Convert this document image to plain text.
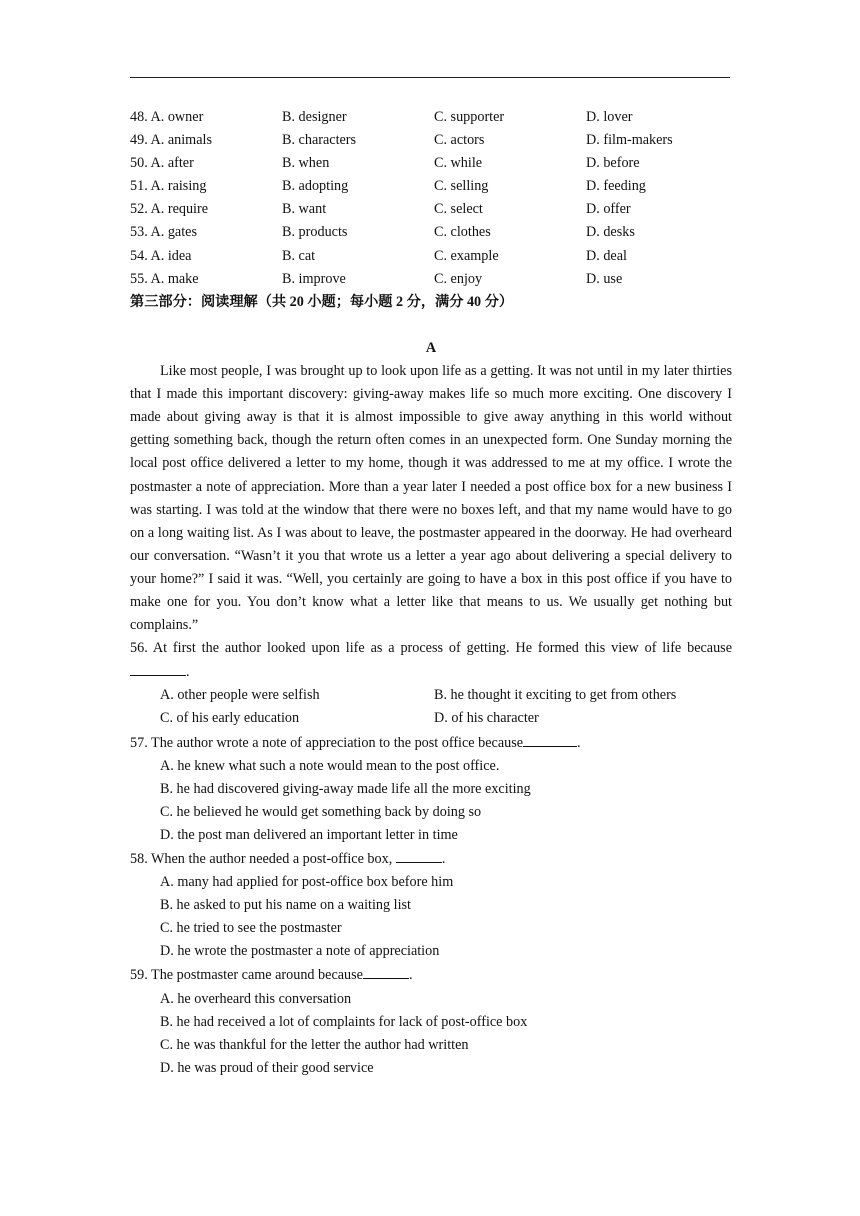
48. A. owner	B. designer	C. supporter	D. lover
49. A. animals	B. characters	C. actors	D. film-makers
50. A. after	B. when	C. while	D. before
51. A. raising	B. adopting	C. selling	D. feeding
52. A. require	B. want	C. select	D. offer
53. A. gates	B. products	C. clothes	D. desks
54. A. idea	B. cat	C. example	D. deal
55. A. make	B. improve	C. enjoy	D. use
第三部分：阅读理解（共 20 小题；每小题 2 分，满分 40 分）
A

Like most people, I was brought up to look upon life as a getting. It was not until in my later thirties that I made this important discovery: giving-away makes life so much more exciting. One discovery I made about giving away is that it is almost impossible to give away anything in this world without getting something back, though the return often comes in an unexpected form. One Sunday morning the local post office delivered a letter to my home, though it was addressed to me at my office. I wrote the postmaster a note of appreciation. More than a year later I needed a post office box for a new business I was starting. I was told at the window that there were no boxes left, and that my name would have to go on a long waiting list. As I was about to leave, the postmaster appeared in the doorway. He had overheard our conversation. “Wasn’t it you that wrote us a letter a year ago about delivering a special delivery to your home?” I said it was. “Well, you certainly are going to have a box in this post office if you have to make one for you. You don’t know what a letter like that means to us. We usually get nothing but complains.”

56. At first the author looked upon life as a process of getting. He formed this view of life because.

A. other people were selfish	B. he thought it exciting to get from others
C. of his early education	D. of his character

57. The author wrote a note of appreciation to the post office because	.

A. he knew what such a note would mean to the post office.
B. he had discovered giving-away made life all the more exciting
C. he believed he would get something back by doing so
D. the post man delivered an important letter in time

58. When the author needed a post-office box,	.

A. many had applied for post-office box before him
B. he asked to put his name on a waiting list
C. he tried to see the postmaster
D. he wrote the postmaster a note of appreciation

59. The postmaster came around because	.

A. he overheard this conversation
B. he had received a lot of complaints for lack of post-office box
C. he was thankful for the letter the author had written
D. he was proud of their good service
